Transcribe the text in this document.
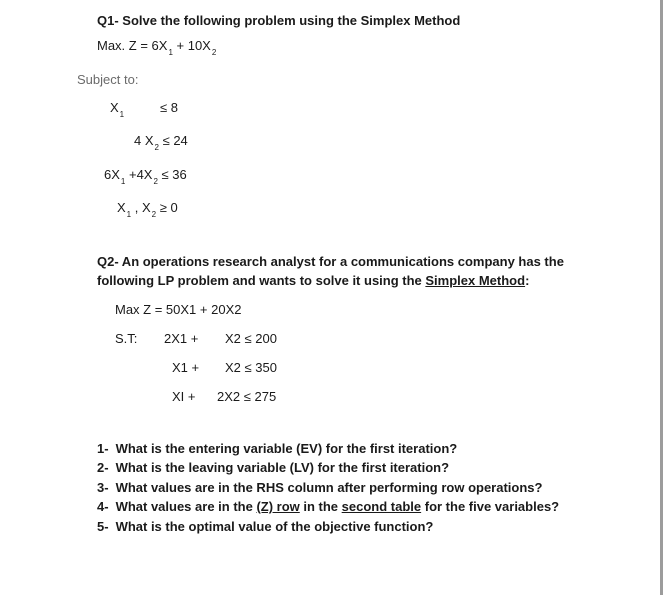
Q1- Solve the following problem using the Simplex Method
Max. $Z = 6X_1 + 10X_2$
Subject to:
$X_1$	≤ 8
4 $X_2 \le 24$
$6X_1 +4X_2 \le 36$
$X_1$ , $X_2 \ge 0$
Q2- An operations research analyst for a communications company has the
following LP problem and wants to solve it using the Simplex Method:
Max Z = 50X1 + 20X2
S.T: 2X1 + X2 ≤ 200
X1 + X2 ≤ 350
XI + 2X2 ≤ 275
1- What is the entering variable (EV) for the first iteration?
2- What is the leaving variable (LV) for the first iteration?
3- What values are in the RHS column after performing row operations?
4- What values are in the (Z) row in the second table for the five variables?
5- What is the optimal value of the objective function?
